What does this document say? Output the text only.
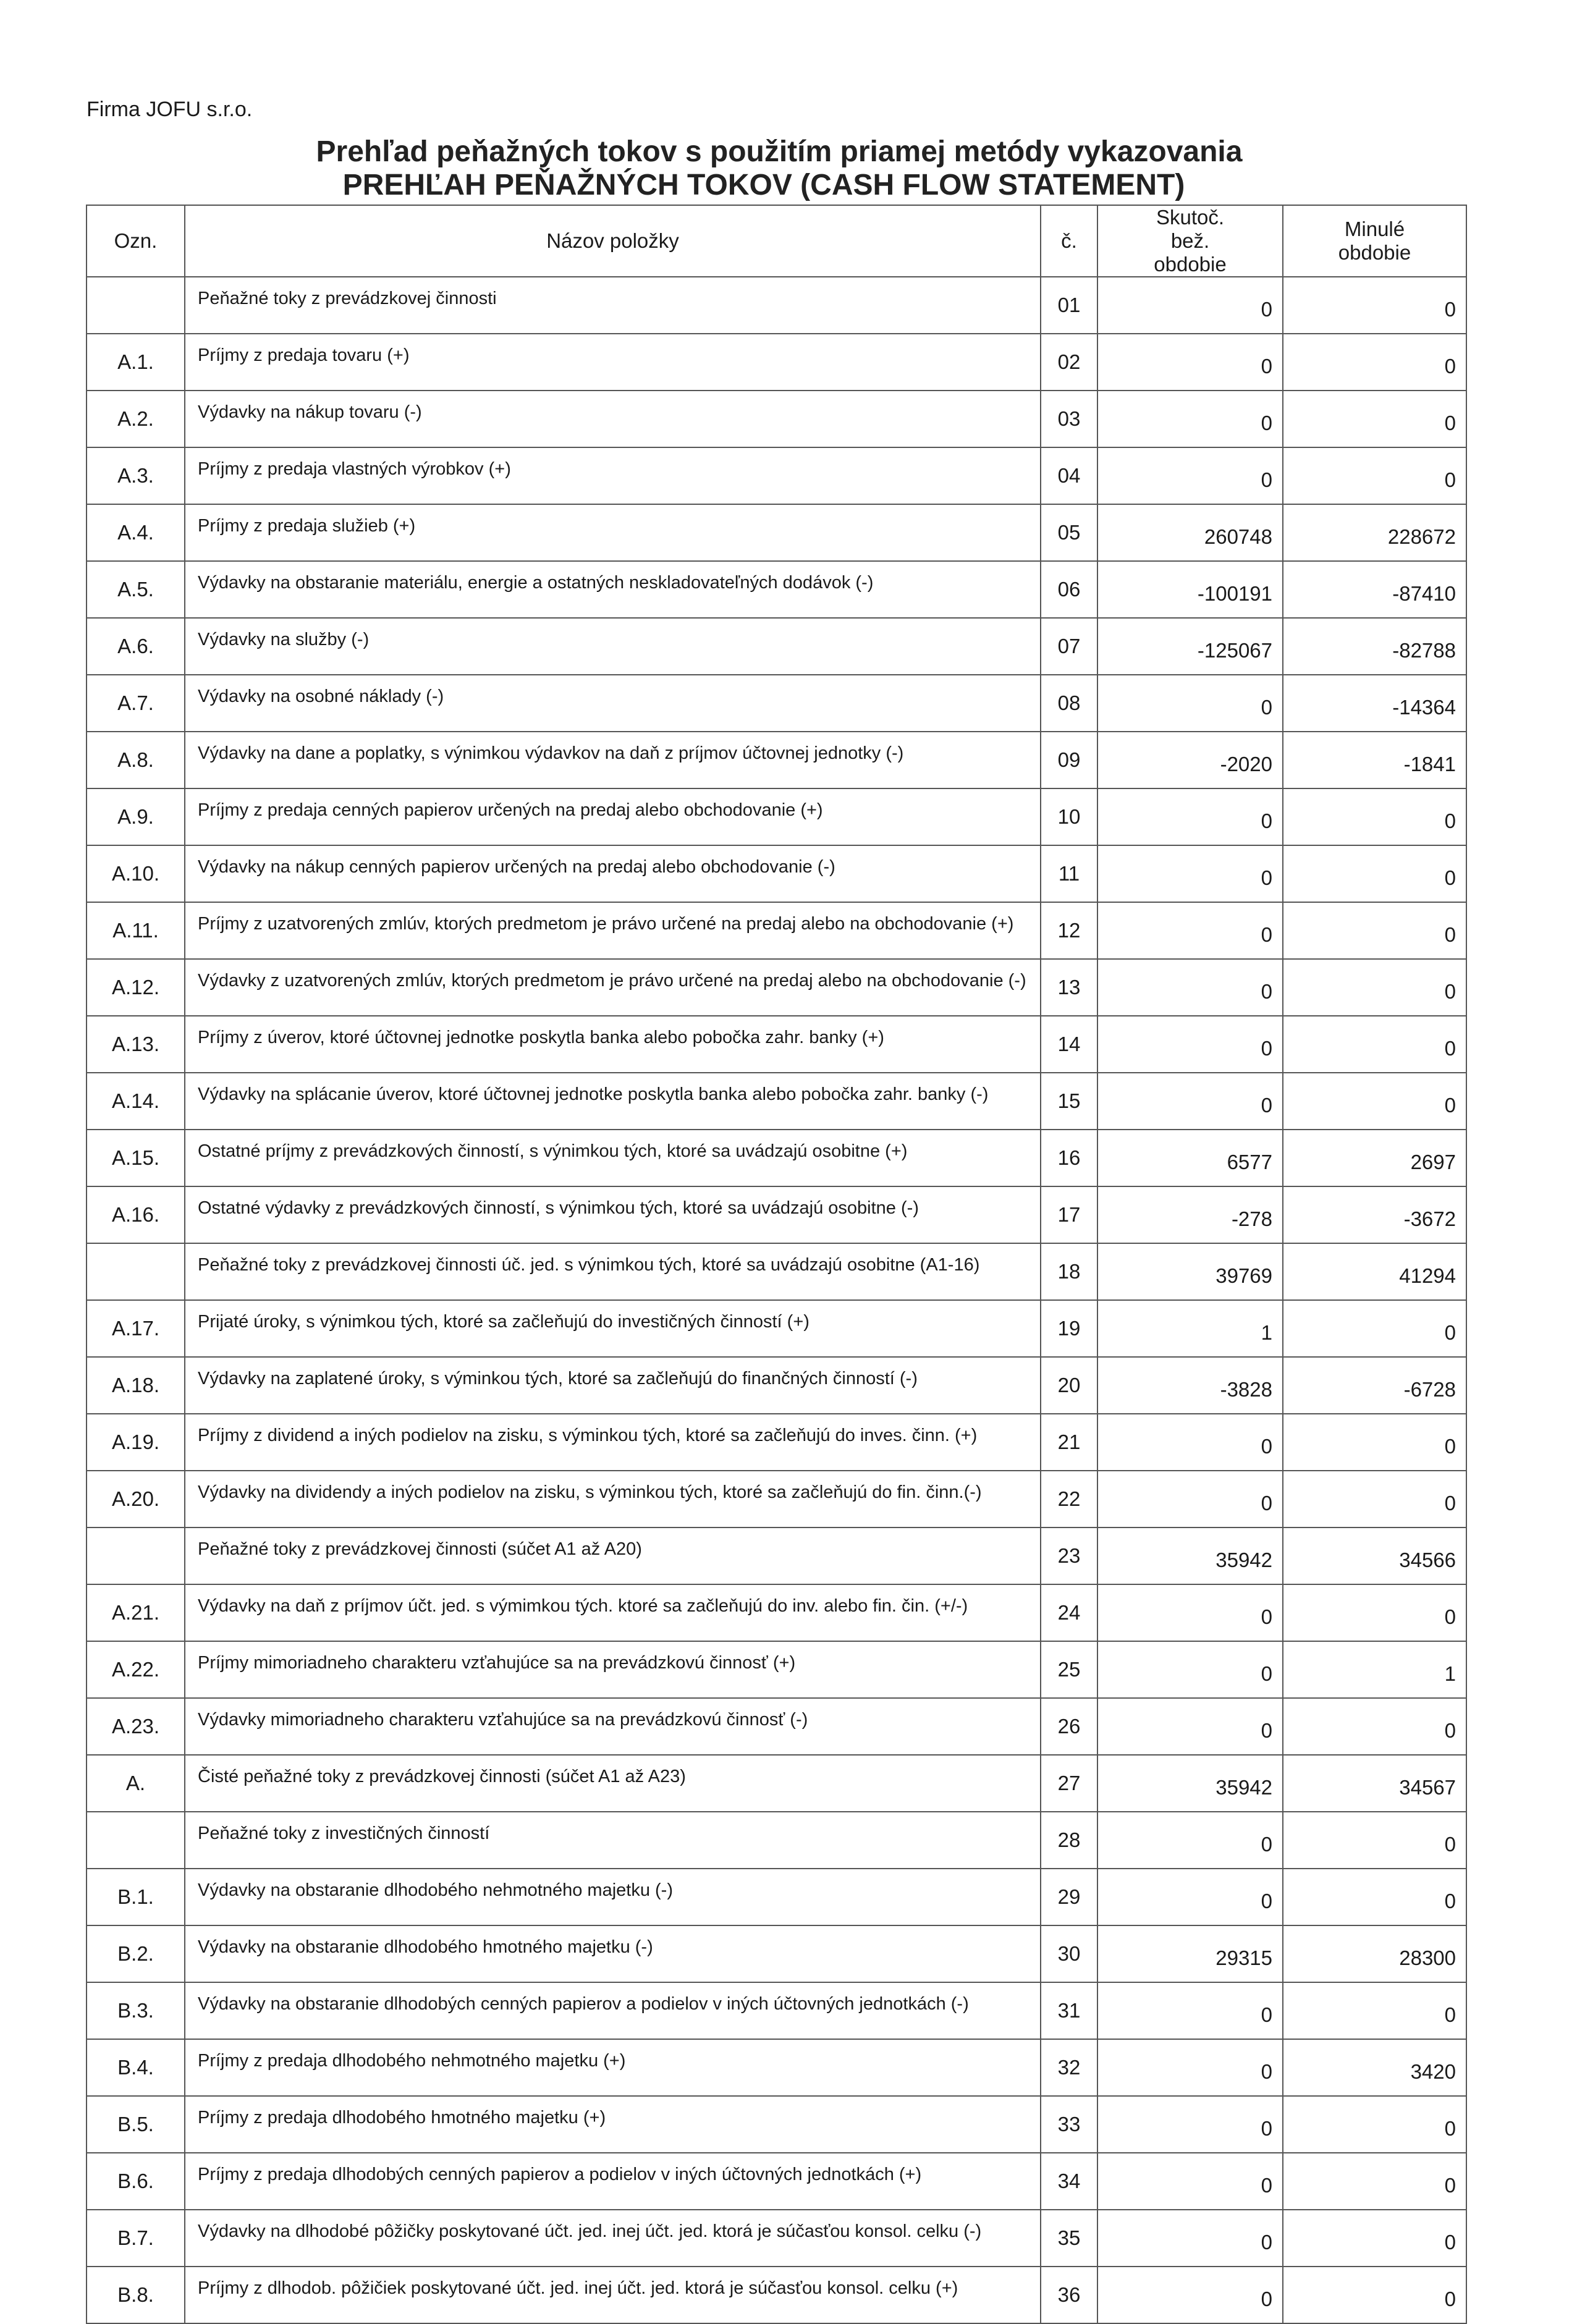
Firma JOFU s.r.o.
Prehľad peňažných tokov s použitím priamej metódy vykazovania
PREHĽAH PEŇAŽNÝCH TOKOV (CASH FLOW STATEMENT)
Ozn.	Názov položky	č.	Skutoč. bež. obdobie	Minulé obdobie
	Peňažné toky z prevádzkovej činnosti	01	0	0
A.1.	Príjmy z predaja tovaru (+)	02	0	0
A.2.	Výdavky na nákup tovaru (-)	03	0	0
A.3.	Príjmy z predaja vlastných výrobkov (+)	04	0	0
A.4.	Príjmy z predaja služieb (+)	05	260748	228672
A.5.	Výdavky na obstaranie materiálu, energie a ostatných neskladovateľných dodávok (-)	06	-100191	-87410
A.6.	Výdavky na služby (-)	07	-125067	-82788
A.7.	Výdavky na osobné náklady (-)	08	0	-14364
A.8.	Výdavky na dane a poplatky, s výnimkou výdavkov na daň z príjmov účtovnej jednotky (-)	09	-2020	-1841
A.9.	Príjmy z predaja cenných papierov určených na predaj alebo obchodovanie (+)	10	0	0
A.10.	Výdavky na nákup cenných papierov určených na predaj alebo obchodovanie (-)	11	0	0
A.11.	Príjmy z uzatvorených zmlúv, ktorých predmetom je právo určené na predaj alebo na obchodovanie (+)	12	0	0
A.12.	Výdavky z uzatvorených zmlúv, ktorých predmetom je právo určené na predaj alebo na obchodovanie (-)	13	0	0
A.13.	Príjmy z úverov, ktoré účtovnej jednotke poskytla banka alebo pobočka zahr. banky (+)	14	0	0
A.14.	Výdavky na splácanie úverov, ktoré účtovnej jednotke poskytla banka alebo pobočka zahr. banky (-)	15	0	0
A.15.	Ostatné príjmy z prevádzkových činností, s výnimkou tých, ktoré sa uvádzajú osobitne (+)	16	6577	2697
A.16.	Ostatné výdavky z prevádzkových činností, s výnimkou tých, ktoré sa uvádzajú osobitne (-)	17	-278	-3672
	Peňažné toky z prevádzkovej činnosti úč. jed. s výnimkou tých, ktoré sa uvádzajú osobitne (A1-16)	18	39769	41294
A.17.	Prijaté úroky, s výnimkou tých, ktoré sa začleňujú do investičných činností (+)	19	1	0
A.18.	Výdavky na zaplatené úroky, s výminkou tých, ktoré sa začleňujú do finančných činností (-)	20	-3828	-6728
A.19.	Príjmy z dividend a iných podielov na zisku, s výminkou tých, ktoré sa začleňujú do inves. činn. (+)	21	0	0
A.20.	Výdavky na dividendy a iných podielov na zisku, s výminkou tých, ktoré sa začleňujú do fin. činn.(-)	22	0	0
	Peňažné toky z prevádzkovej činnosti (súčet A1 až A20)	23	35942	34566
A.21.	Výdavky na daň z príjmov účt. jed. s výmimkou tých. ktoré sa začleňujú do inv. alebo fin. čin. (+/-)	24	0	0
A.22.	Príjmy mimoriadneho charakteru vzťahujúce sa na prevádzkovú činnosť (+)	25	0	1
A.23.	Výdavky mimoriadneho charakteru vzťahujúce sa na prevádzkovú činnosť (-)	26	0	0
A.	Čisté peňažné toky z prevádzkovej činnosti (súčet A1 až A23)	27	35942	34567
	Peňažné toky z investičných činností	28	0	0
B.1.	Výdavky na obstaranie dlhodobého nehmotného majetku (-)	29	0	0
B.2.	Výdavky na obstaranie dlhodobého hmotného majetku (-)	30	29315	28300
B.3.	Výdavky na obstaranie dlhodobých cenných papierov a podielov v iných účtovných jednotkách (-)	31	0	0
B.4.	Príjmy z predaja dlhodobého nehmotného majetku (+)	32	0	3420
B.5.	Príjmy z predaja dlhodobého hmotného majetku (+)	33	0	0
B.6.	Príjmy z predaja dlhodobých cenných papierov a podielov v iných účtovných jednotkách (+)	34	0	0
B.7.	Výdavky na dlhodobé pôžičky poskytované účt. jed. inej účt. jed. ktorá je súčasťou konsol. celku (-)	35	0	0
B.8.	Príjmy z dlhodob. pôžičiek poskytované účt. jed. inej účt. jed. ktorá je súčasťou konsol. celku (+)	36	0	0
